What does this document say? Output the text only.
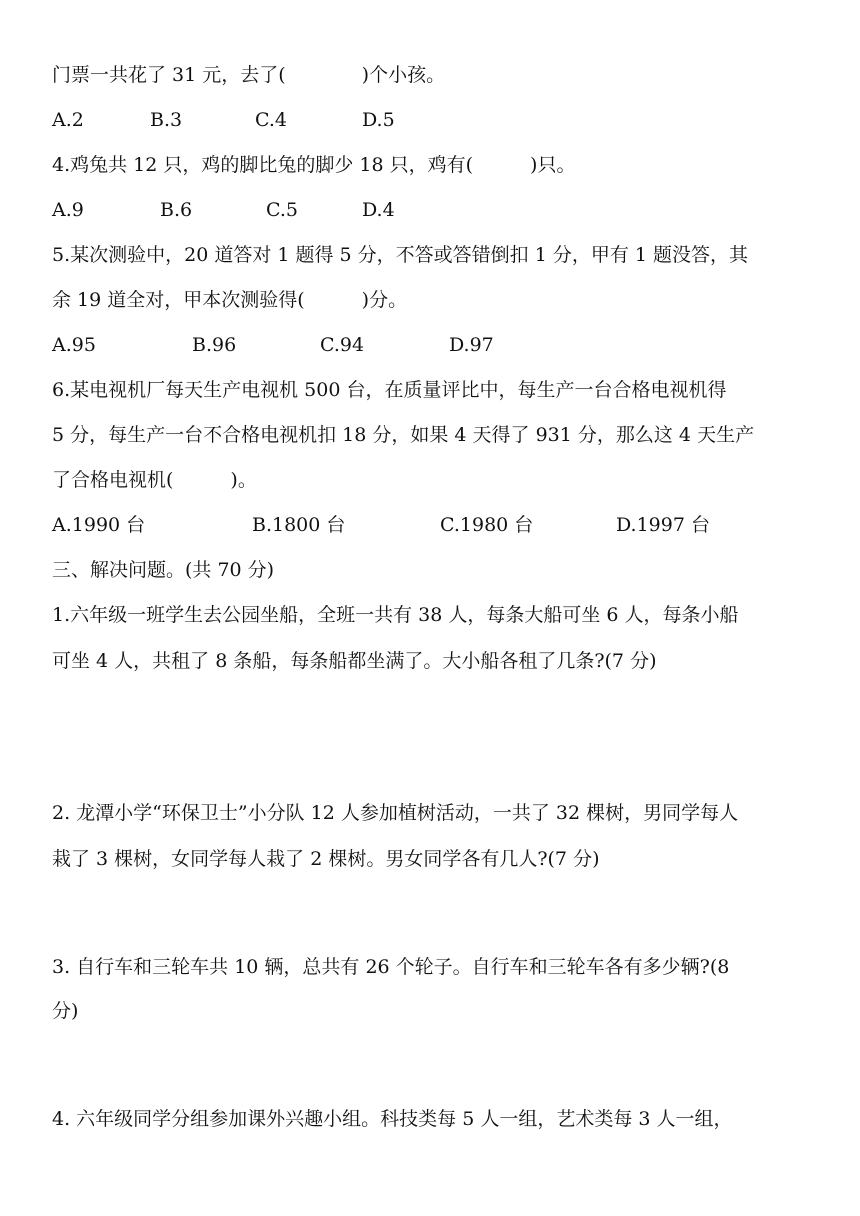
门票一共花了 31 元，去了(　　　　)个小孩。
A.2	B.3	C.4	D.5
4.鸡兔共 12 只，鸡的脚比兔的脚少 18 只，鸡有(　　　)只。
A.9	B.6	C.5	D.4
5.某次测验中，20 道答对 1 题得 5 分，不答或答错倒扣 1 分，甲有 1 题没答，其
余 19 道全对，甲本次测验得(　　　)分。
A.95	B.96	C.94	D.97
6.某电视机厂每天生产电视机 500 台，在质量评比中，每生产一台合格电视机得
5 分，每生产一台不合格电视机扣 18 分，如果 4 天得了 931 分，那么这 4 天生产
了合格电视机(　　　)。
A.1990 台	B.1800 台	C.1980 台	D.1997 台
三、解决问题。(共 70 分)
1.六年级一班学生去公园坐船，全班一共有 38 人，每条大船可坐 6 人，每条小船
可坐 4 人，共租了 8 条船，每条船都坐满了。大小船各租了几条?(7 分)
2. 龙潭小学“环保卫士”小分队 12 人参加植树活动，一共了 32 棵树，男同学每人
栽了 3 棵树，女同学每人栽了 2 棵树。男女同学各有几人?(7 分)
3. 自行车和三轮车共 10 辆，总共有 26 个轮子。自行车和三轮车各有多少辆?(8
分)
4. 六年级同学分组参加课外兴趣小组。科技类每 5 人一组，艺术类每 3 人一组，
